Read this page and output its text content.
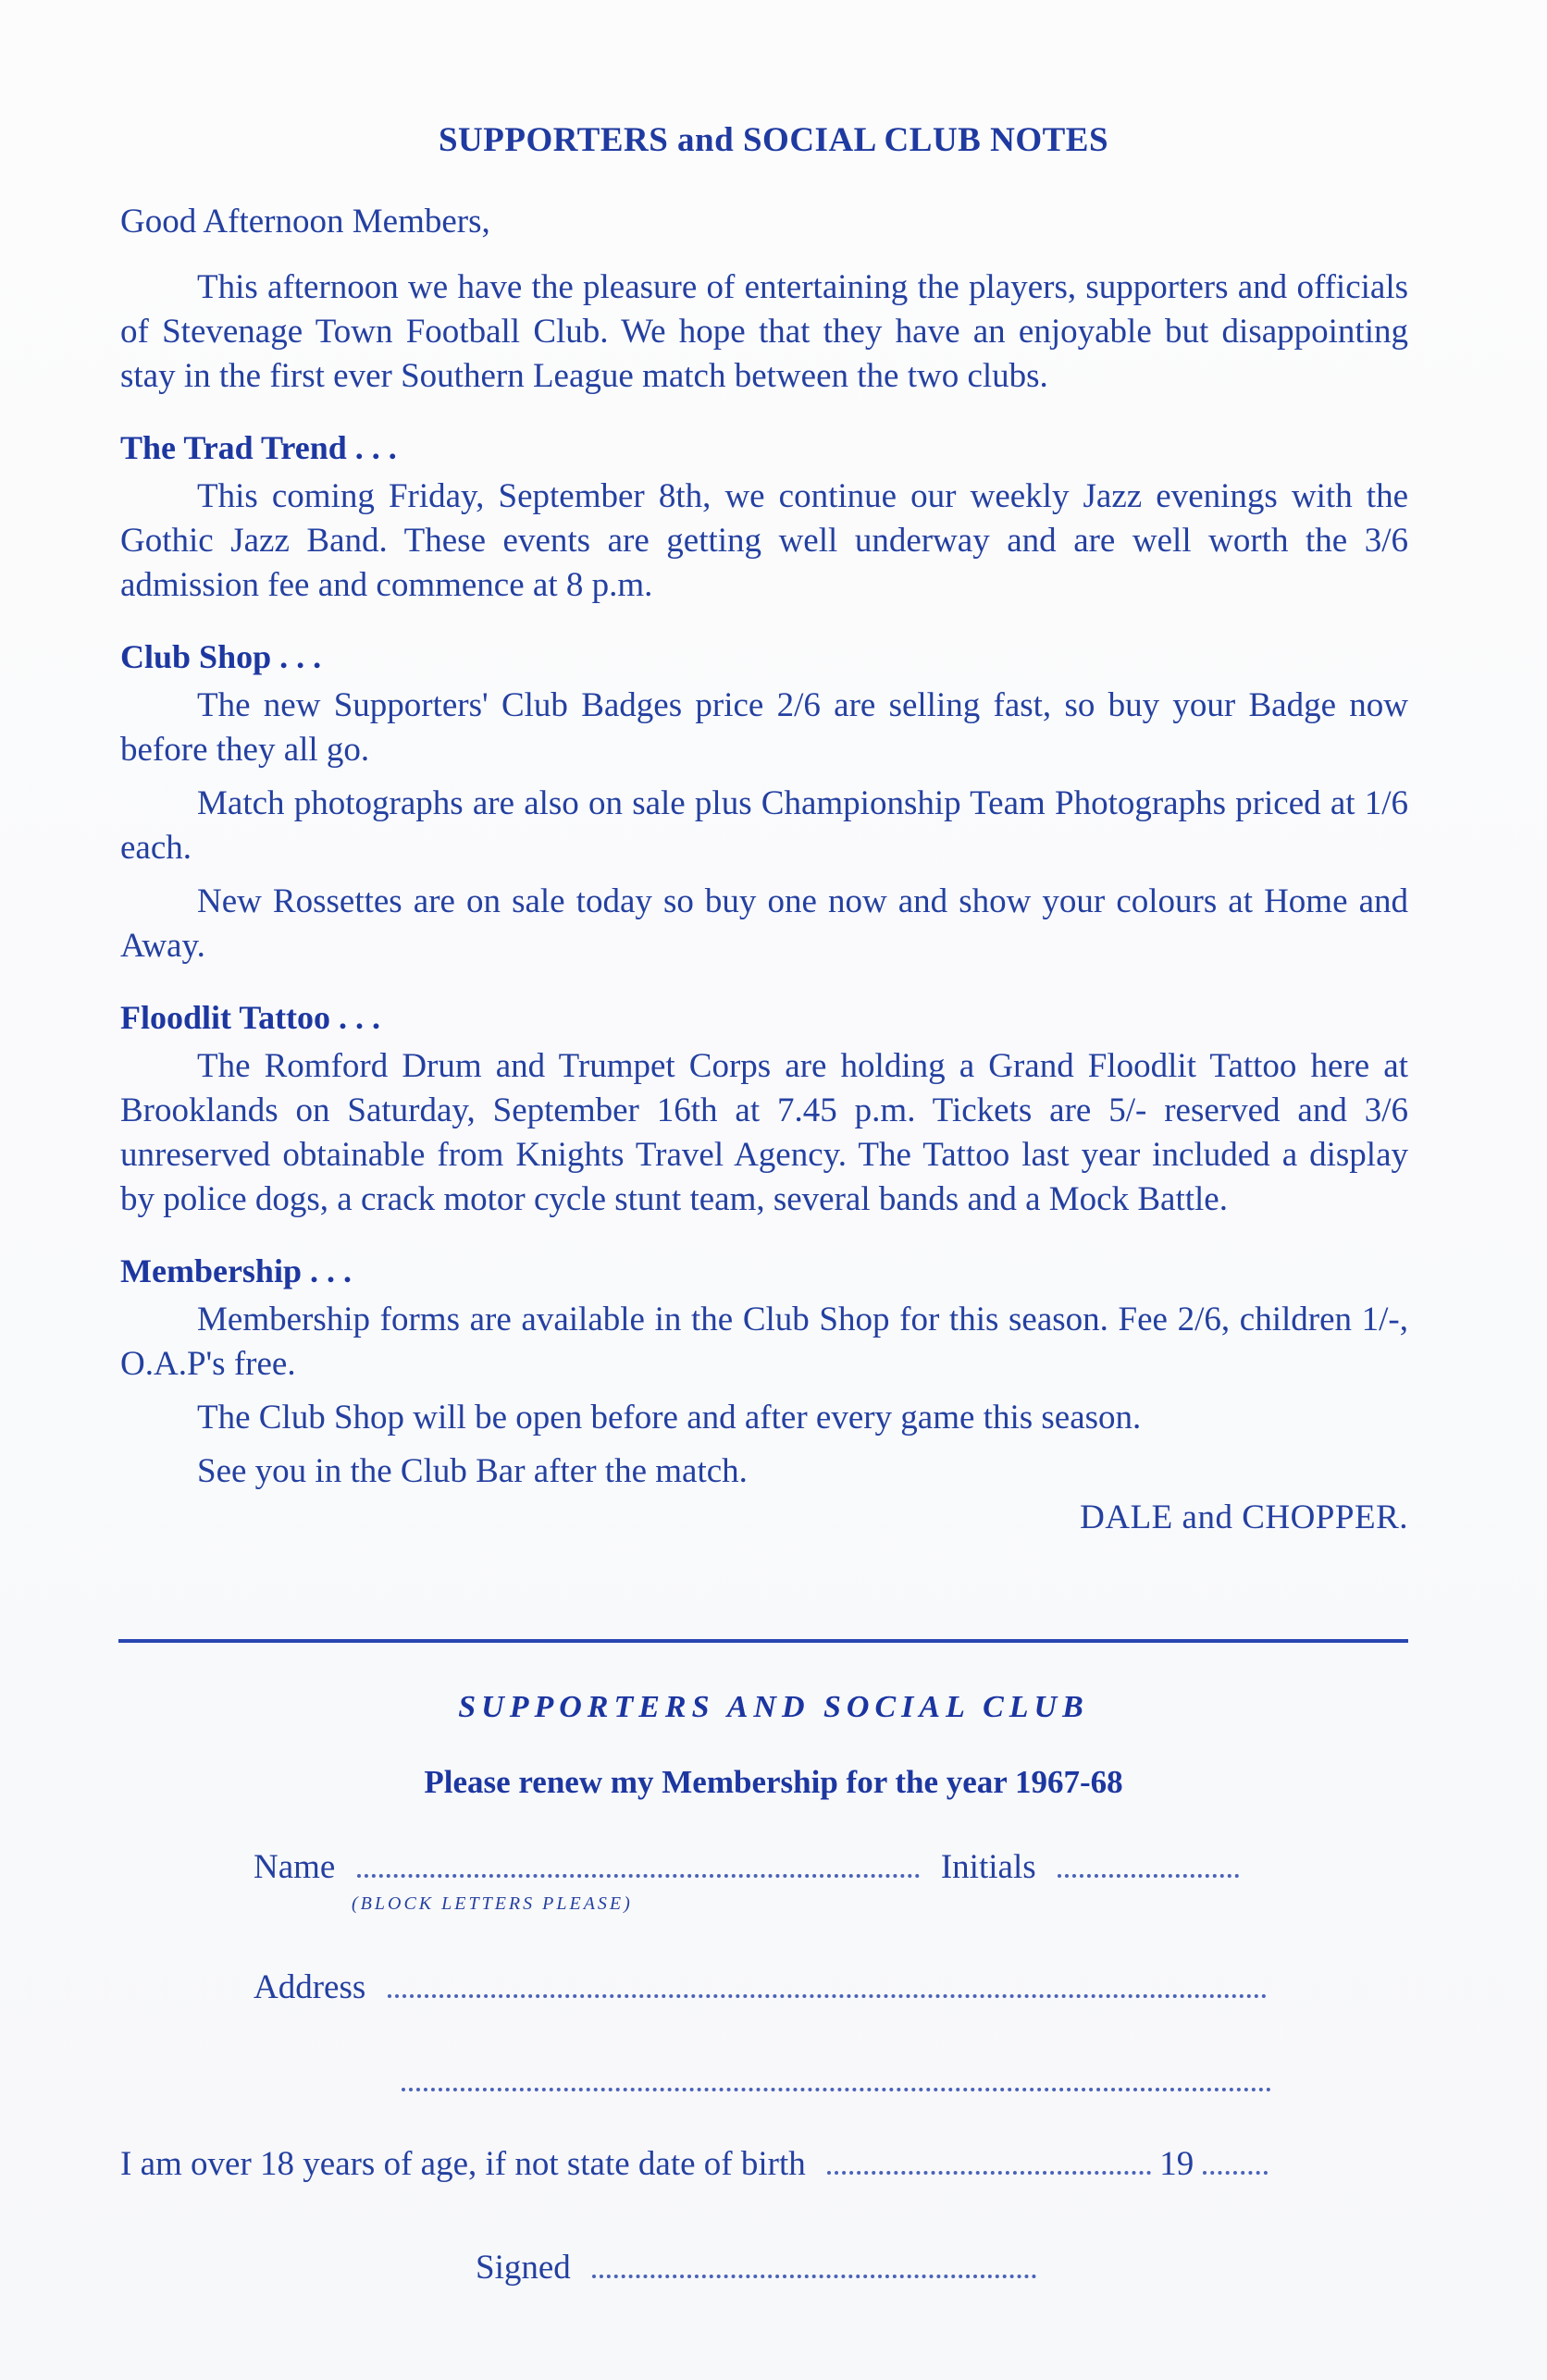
SUPPORTERS and SOCIAL CLUB NOTES
Good Afternoon Members,

This afternoon we have the pleasure of entertaining the players, supporters and officials of Stevenage Town Football Club. We hope that they have an enjoyable but disappointing stay in the first ever Southern League match between the two clubs.

The Trad Trend . . .

This coming Friday, September 8th, we continue our weekly Jazz evenings with the Gothic Jazz Band. These events are getting well underway and are well worth the 3/6 admission fee and commence at 8 p.m.

Club Shop . . .

The new Supporters' Club Badges price 2/6 are selling fast, so buy your Badge now before they all go.

Match photographs are also on sale plus Championship Team Photographs priced at 1/6 each.

New Rossettes are on sale today so buy one now and show your colours at Home and Away.

Floodlit Tattoo . . .

The Romford Drum and Trumpet Corps are holding a Grand Floodlit Tattoo here at Brooklands on Saturday, September 16th at 7.45 p.m. Tickets are 5/- reserved and 3/6 unreserved obtainable from Knights Travel Agency. The Tattoo last year included a display by police dogs, a crack motor cycle stunt team, several bands and a Mock Battle.

Membership . . .

Membership forms are available in the Club Shop for this season. Fee 2/6, children 1/-, O.A.P's free.

The Club Shop will be open before and after every game this season.

See you in the Club Bar after the match.

DALE and CHOPPER.
SUPPORTERS AND SOCIAL CLUB
Please renew my Membership for the year 1967-68
Name	Initials
(BLOCK LETTERS PLEASE)
Address
I am over 18 years of age, if not state date of birth	19
Signed
